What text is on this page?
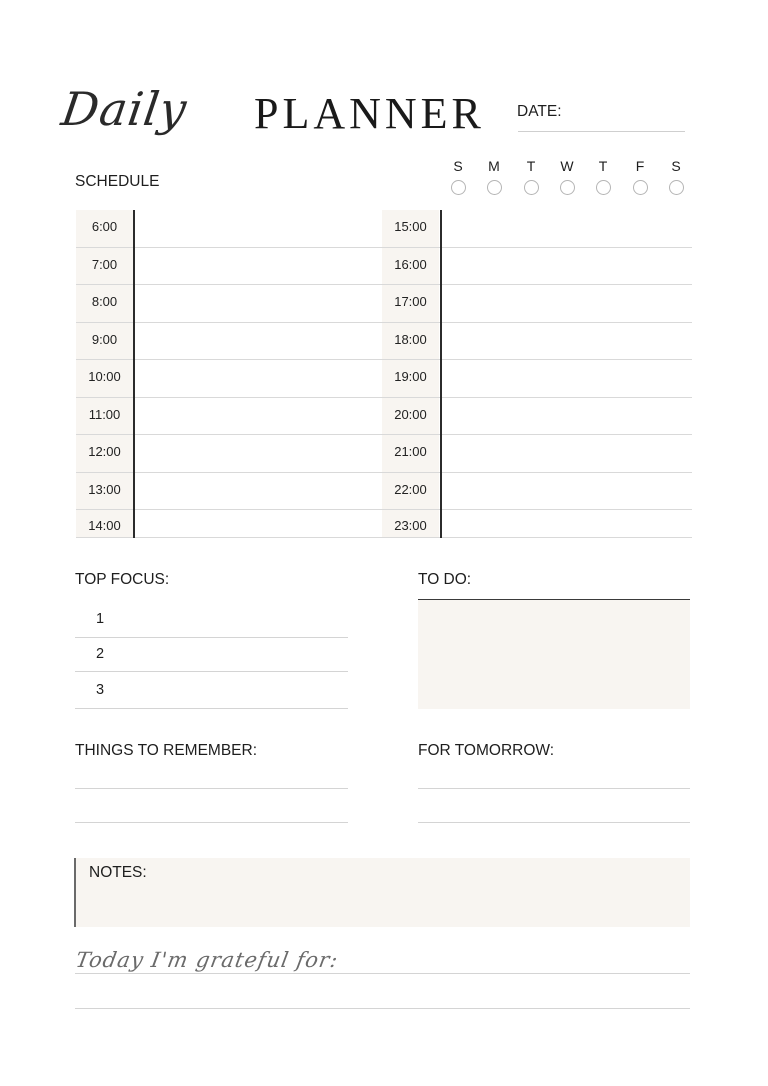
Daily PLANNER DATE:
S	M	T	W	T	F	S
SCHEDULE
6:00
7:00
8:00
9:00
10:00
11:00
12:00
13:00
14:00
15:00
16:00
17:00
18:00
19:00
20:00
21:00
22:00
23:00
TOP FOCUS:
1
2
3
TO DO:
THINGS TO REMEMBER:	FOR TOMORROW:
NOTES:
Today I'm grateful for:
